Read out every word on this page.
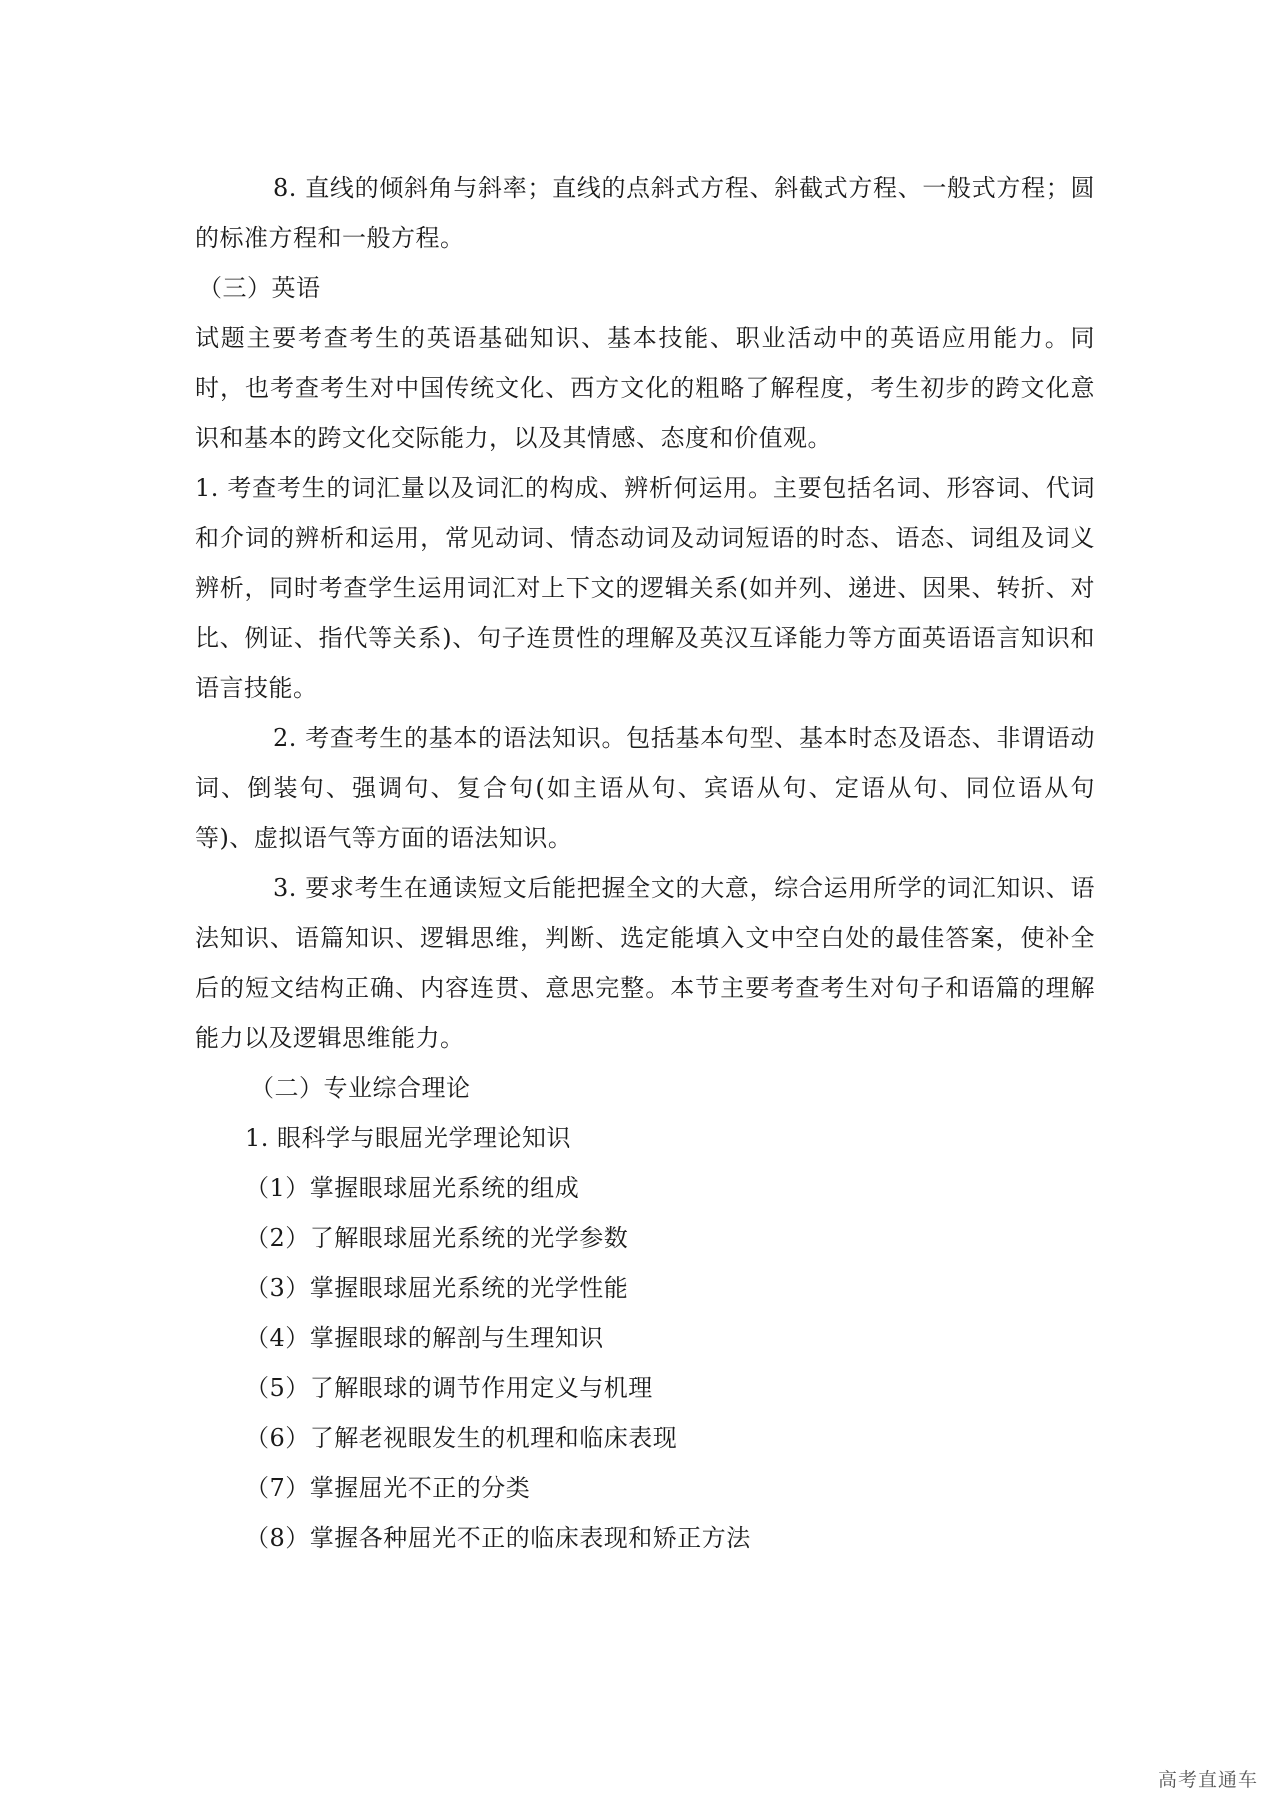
8. 直线的倾斜角与斜率；直线的点斜式方程、斜截式方程、一般式方程；圆的标准方程和一般方程。

（三）英语

试题主要考查考生的英语基础知识、基本技能、职业活动中的英语应用能力。同时，也考查考生对中国传统文化、西方文化的粗略了解程度，考生初步的跨文化意识和基本的跨文化交际能力，以及其情感、态度和价值观。

1. 考查考生的词汇量以及词汇的构成、辨析何运用。主要包括名词、形容词、代词和介词的辨析和运用，常见动词、情态动词及动词短语的时态、语态、词组及词义辨析，同时考查学生运用词汇对上下文的逻辑关系(如并列、递进、因果、转折、对比、例证、指代等关系)、句子连贯性的理解及英汉互译能力等方面英语语言知识和语言技能。

2. 考查考生的基本的语法知识。包括基本句型、基本时态及语态、非谓语动词、倒装句、强调句、复合句(如主语从句、宾语从句、定语从句、同位语从句等)、虚拟语气等方面的语法知识。

3. 要求考生在通读短文后能把握全文的大意，综合运用所学的词汇知识、语法知识、语篇知识、逻辑思维，判断、选定能填入文中空白处的最佳答案，使补全后的短文结构正确、内容连贯、意思完整。本节主要考查考生对句子和语篇的理解能力以及逻辑思维能力。

（二）专业综合理论

1. 眼科学与眼屈光学理论知识

（1）掌握眼球屈光系统的组成

（2）了解眼球屈光系统的光学参数

（3）掌握眼球屈光系统的光学性能

（4）掌握眼球的解剖与生理知识

（5）了解眼球的调节作用定义与机理

（6）了解老视眼发生的机理和临床表现

（7）掌握屈光不正的分类

（8）掌握各种屈光不正的临床表现和矫正方法

高考直通车
